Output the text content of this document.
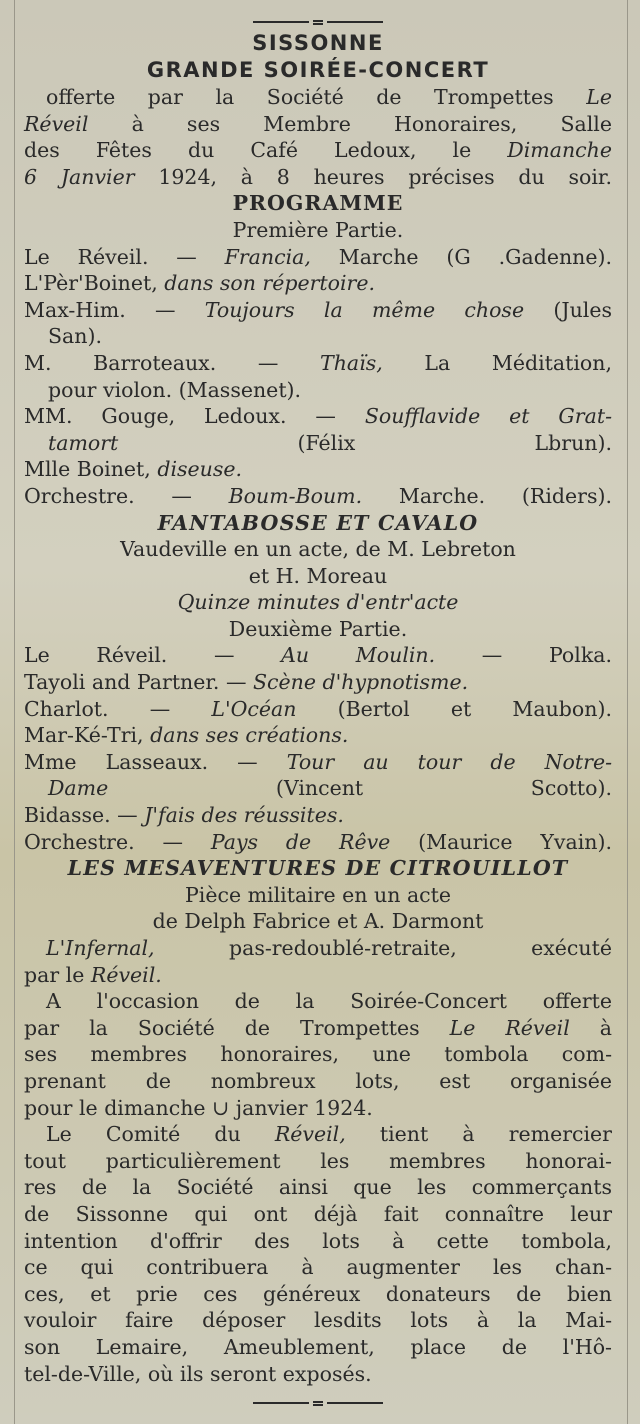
SISSONNE
GRANDE SOIRÉE-CONCERT
offerte par la Société de Trompettes Le
Réveil à ses Membre Honoraires, Salle
des Fêtes du Café Ledoux, le Dimanche
6 Janvier 1924, à 8 heures précises du soir.
PROGRAMME
Première Partie.
Le Réveil. — Francia, Marche (G .Gadenne).
L'Pèr'Boinet, dans son répertoire.
Max-Him. — Toujours la même chose (Jules
San).
M. Barroteaux. — Thaïs, La Méditation,
pour violon. (Massenet).
MM. Gouge, Ledoux. — Soufflavide et Grat-
tamort (Félix Lbrun).
Mlle Boinet, diseuse.
Orchestre. — Boum-Boum. Marche. (Riders).
FANTABOSSE ET CAVALO
Vaudeville en un acte, de M. Lebreton
et H. Moreau
Quinze minutes d'entr'acte
Deuxième Partie.
Le Réveil. — Au Moulin. — Polka.
Tayoli and Partner. — Scène d'hypnotisme.
Charlot. — L'Océan (Bertol et Maubon).
Mar-Ké-Tri, dans ses créations.
Mme Lasseaux. — Tour au tour de Notre-
Dame (Vincent Scotto).
Bidasse. — J'fais des réussites.
Orchestre. — Pays de Rêve (Maurice Yvain).
LES MESAVENTURES DE CITROUILLOT
Pièce militaire en un acte
de Delph Fabrice et A. Darmont
L'Infernal,	pas-redoublé-retraite, exécuté
par le Réveil.
A l'occasion de la Soirée-Concert offerte
par la Société de Trompettes Le Réveil à
ses membres honoraires, une tombola com-
prenant de nombreux lots, est organisée
pour le dimanche ∪ janvier 1924.
Le Comité du Réveil, tient à remercier
tout particulièrement les membres honorai-
res de la Société ainsi que les commerçants
de Sissonne qui ont déjà fait connaître leur
intention d'offrir des lots à cette tombola,
ce qui contribuera à augmenter les chan-
ces, et prie ces généreux donateurs de bien
vouloir faire déposer lesdits lots à la Mai-
son Lemaire, Ameublement, place de l'Hô-
tel-de-Ville, où ils seront exposés.
